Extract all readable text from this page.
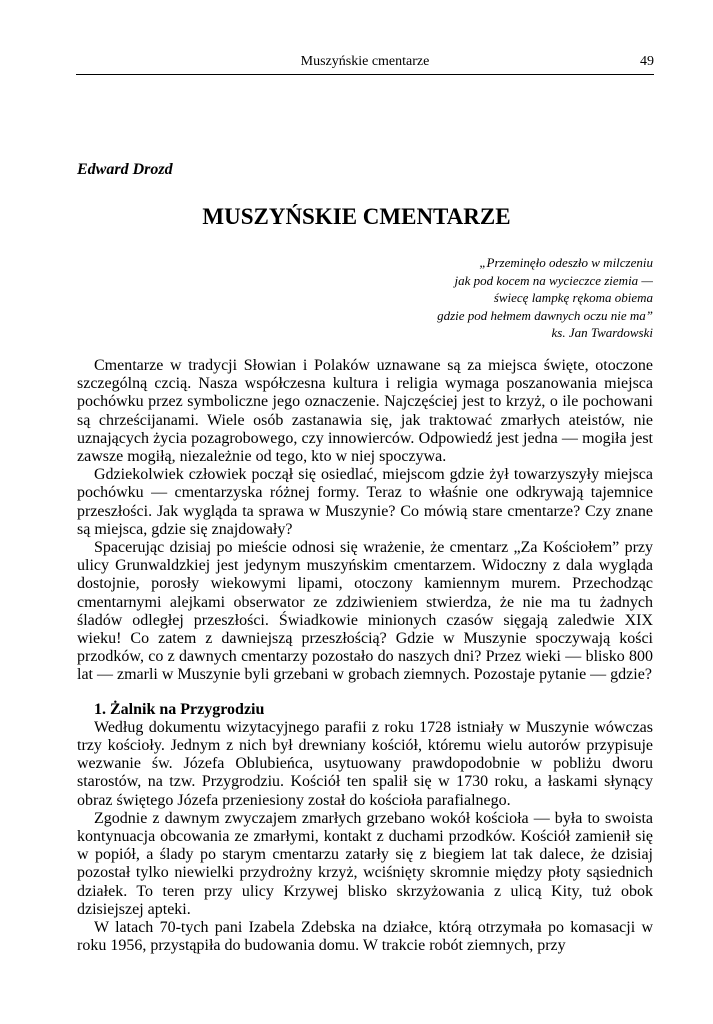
Muszyńskie cmentarze	49
Edward Drozd
MUSZYŃSKIE CMENTARZE
„Przeminęło odeszło w milczeniu
jak pod kocem na wycieczce ziemia —
świecę lampkę rękoma obiema
gdzie pod hełmem dawnych oczu nie ma”
ks. Jan Twardowski

Cmentarze w tradycji Słowian i Polaków uznawane są za miejsca święte, otoczone szczególną czcią. Nasza współczesna kultura i religia wymaga poszanowania miejsca pochówku przez symboliczne jego oznaczenie. Najczęściej jest to krzyż, o ile pochowani są chrześcijanami. Wiele osób zastanawia się, jak traktować zmarłych ateistów, nie uznających życia pozagrobowego, czy innowierców. Odpowiedź jest jedna — mogiła jest zawsze mogiłą, niezależnie od tego, kto w niej spoczywa.

Gdziekolwiek człowiek począł się osiedlać, miejscom gdzie żył towarzyszyły miejsca pochówku — cmentarzyska różnej formy. Teraz to właśnie one odkrywają tajemnice przeszłości. Jak wygląda ta sprawa w Muszynie? Co mówią stare cmentarze? Czy znane są miejsca, gdzie się znajdowały?

Spacerując dzisiaj po mieście odnosi się wrażenie, że cmentarz „Za Kościołem” przy ulicy Grunwaldzkiej jest jedynym muszyńskim cmentarzem. Widoczny z dala wygląda dostojnie, porosły wiekowymi lipami, otoczony kamiennym murem. Przechodząc cmentarnymi alejkami obserwator ze zdziwieniem stwierdza, że nie ma tu żadnych śladów odległej przeszłości. Świadkowie minionych czasów sięgają zaledwie XIX wieku! Co zatem z dawniejszą przeszłością? Gdzie w Muszynie spoczywają kości przodków, co z dawnych cmentarzy pozostało do naszych dni? Przez wieki — blisko 800 lat — zmarli w Muszynie byli grzebani w grobach ziemnych. Pozostaje pytanie — gdzie?

1. Żalnik na Przygrodziu

Według dokumentu wizytacyjnego parafii z roku 1728 istniały w Muszynie wówczas trzy kościoły. Jednym z nich był drewniany kościół, któremu wielu autorów przypisuje wezwanie św. Józefa Oblubieńca, usytuowany prawdopodobnie w pobliżu dworu starostów, na tzw. Przygrodziu. Kościół ten spalił się w 1730 roku, a łaskami słynący obraz świętego Józefa przeniesiony został do kościoła parafialnego.

Zgodnie z dawnym zwyczajem zmarłych grzebano wokół kościoła — była to swoista kontynuacja obcowania ze zmarłymi, kontakt z duchami przodków. Kościół zamienił się w popiół, a ślady po starym cmentarzu zatarły się z biegiem lat tak dalece, że dzisiaj pozostał tylko niewielki przydrożny krzyż, wciśnięty skromnie między płoty sąsiednich działek. To teren przy ulicy Krzywej blisko skrzyżowania z ulicą Kity, tuż obok dzisiejszej apteki.

W latach 70-tych pani Izabela Zdebska na działce, którą otrzymała po komasacji w roku 1956, przystąpiła do budowania domu. W trakcie robót ziemnych, przy
